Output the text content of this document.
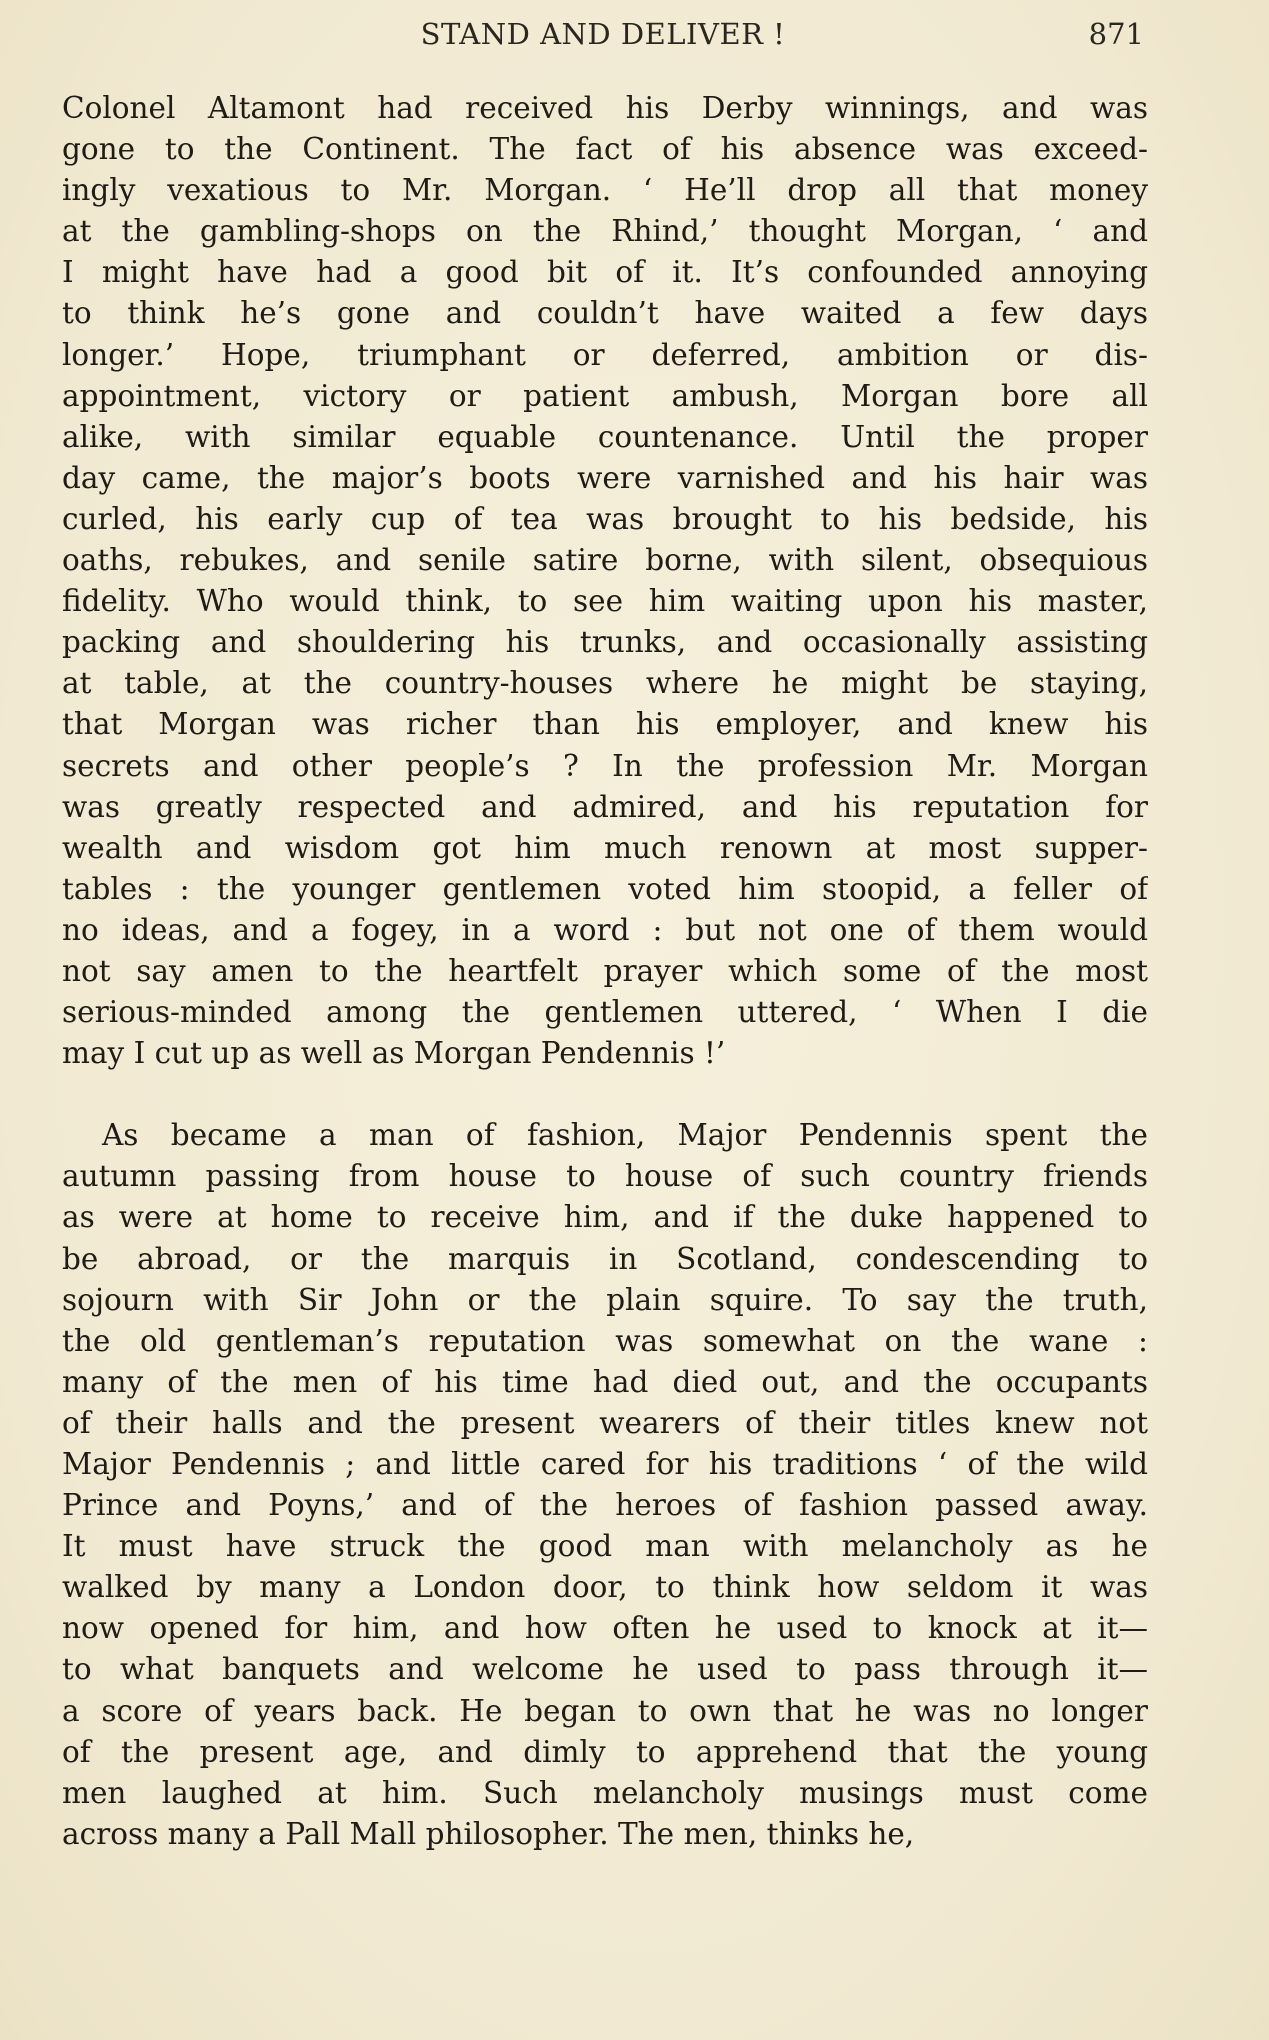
STAND AND DELIVER !	871
Colonel Altamont had received his Derby winnings, and was
gone to the Continent. The fact of his absence was exceed-
ingly vexatious to Mr. Morgan. ‘ He’ll drop all that money
at the gambling-shops on the Rhind,’ thought Morgan, ‘ and
I might have had a good bit of it. It’s confounded annoying
to think he’s gone and couldn’t have waited a few days
longer.’ Hope, triumphant or deferred, ambition or dis-
appointment, victory or patient ambush, Morgan bore all
alike, with similar equable countenance. Until the proper
day came, the major’s boots were varnished and his hair was
curled, his early cup of tea was brought to his bedside, his
oaths, rebukes, and senile satire borne, with silent, obsequious
fidelity. Who would think, to see him waiting upon his master,
packing and shouldering his trunks, and occasionally assisting
at table, at the country-houses where he might be staying,
that Morgan was richer than his employer, and knew his
secrets and other people’s ? In the profession Mr. Morgan
was greatly respected and admired, and his reputation for
wealth and wisdom got him much renown at most supper-
tables : the younger gentlemen voted him stoopid, a feller of
no ideas, and a fogey, in a word : but not one of them would
not say amen to the heartfelt prayer which some of the most
serious-minded among the gentlemen uttered, ‘ When I die
may I cut up as well as Morgan Pendennis !’
As became a man of fashion, Major Pendennis spent the
autumn passing from house to house of such country friends
as were at home to receive him, and if the duke happened to
be abroad, or the marquis in Scotland, condescending to
sojourn with Sir John or the plain squire. To say the truth,
the old gentleman’s reputation was somewhat on the wane :
many of the men of his time had died out, and the occupants
of their halls and the present wearers of their titles knew not
Major Pendennis ; and little cared for his traditions ‘ of the wild
Prince and Poyns,’ and of the heroes of fashion passed away.
It must have struck the good man with melancholy as he
walked by many a London door, to think how seldom it was
now opened for him, and how often he used to knock at it—
to what banquets and welcome he used to pass through it—
a score of years back. He began to own that he was no longer
of the present age, and dimly to apprehend that the young
men laughed at him. Such melancholy musings must come
across many a Pall Mall philosopher. The men, thinks he,
